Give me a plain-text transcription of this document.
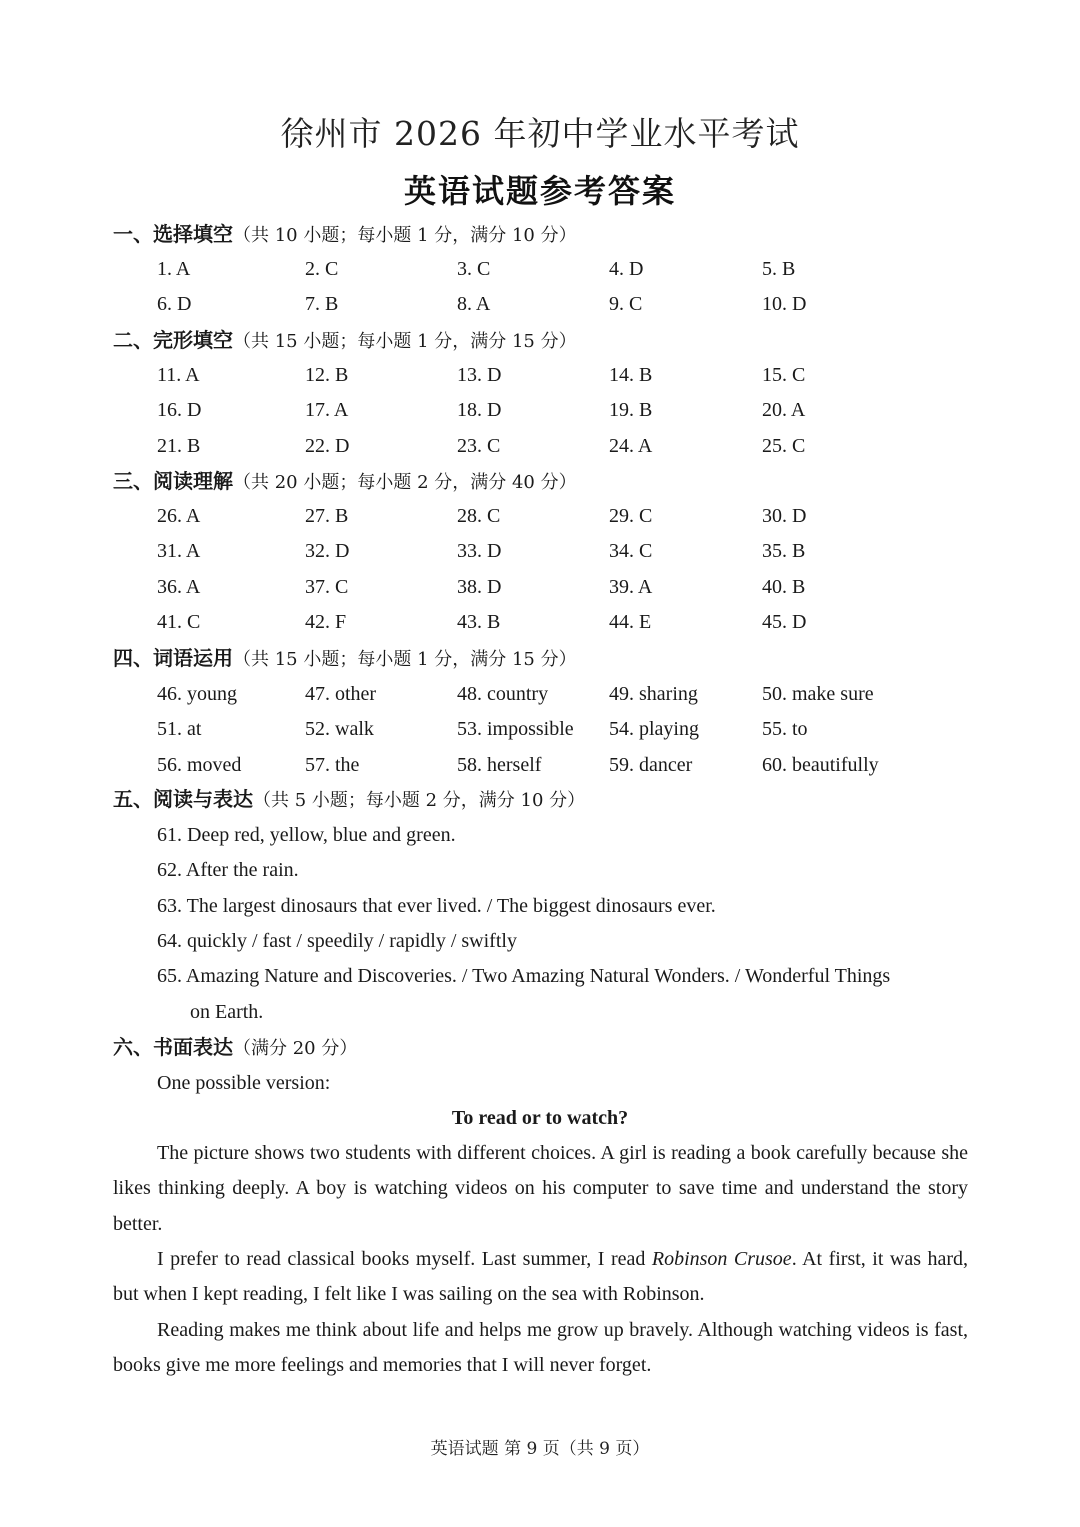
徐州市 2026 年初中学业水平考试
英语试题参考答案
一、选择填空（共 10 小题；每小题 1 分，满分 10 分）
1. A	2. C	3. C	4. D	5. B
6. D	7. B	8. A	9. C	10. D
二、完形填空（共 15 小题；每小题 1 分，满分 15 分）
11. A	12. B	13. D	14. B	15. C
16. D	17. A	18. D	19. B	20. A
21. B	22. D	23. C	24. A	25. C
三、阅读理解（共 20 小题；每小题 2 分，满分 40 分）
26. A	27. B	28. C	29. C	30. D
31. A	32. D	33. D	34. C	35. B
36. A	37. C	38. D	39. A	40. B
41. C	42. F	43. B	44. E	45. D
四、词语运用（共 15 小题；每小题 1 分，满分 15 分）
46. young	47. other	48. country	49. sharing	50. make sure
51. at	52. walk	53. impossible 54. playing	55. to
56. moved	57. the	58. herself	59. dancer	60. beautifully
五、阅读与表达（共 5 小题；每小题 2 分，满分 10 分）
61. Deep red, yellow, blue and green.
62. After the rain.
63. The largest dinosaurs that ever lived. / The biggest dinosaurs ever.
64. quickly / fast / speedily / rapidly / swiftly
65. Amazing Nature and Discoveries. / Two Amazing Natural Wonders. / Wonderful Things
on Earth.
六、书面表达（满分 20 分）
One possible version:
To read or to watch?
The picture shows two students with different choices. A girl is reading a book carefully because she likes thinking deeply. A boy is watching videos on his computer to save time and understand the story better.
I prefer to read classical books myself. Last summer, I read Robinson Crusoe. At first, it was hard, but when I kept reading, I felt like I was sailing on the sea with Robinson.
Reading makes me think about life and helps me grow up bravely. Although watching videos is fast, books give me more feelings and memories that I will never forget.
英语试题 第 9 页（共 9 页）
